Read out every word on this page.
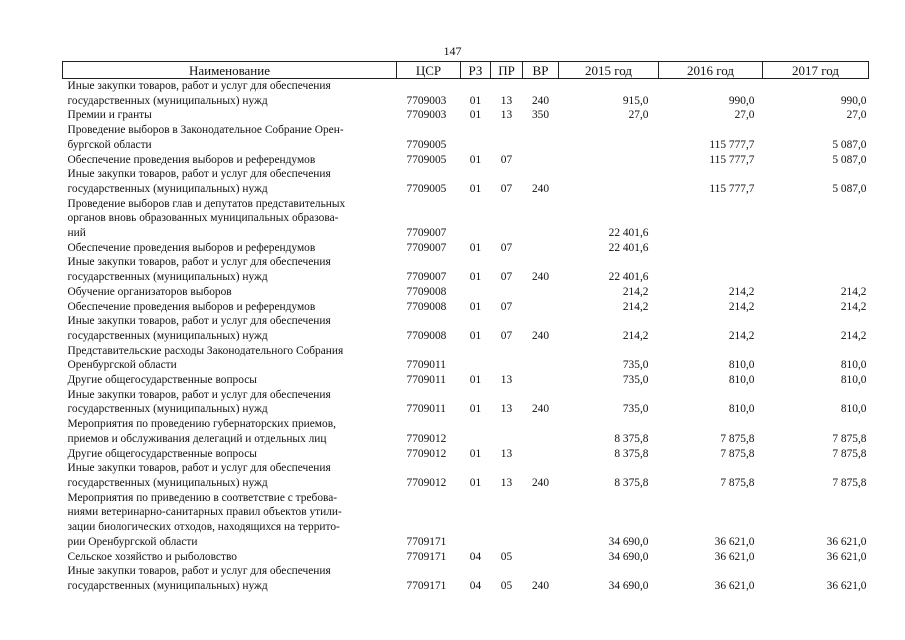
147
Наименование	ЦСР	РЗ	ПР	ВР	2015 год	2016 год	2017 год

Иные закупки товаров, работ и услуг для обеспечения
государственных (муниципальных) нужд	7709003	01	13	240	915,0	990,0	990,0

Премии и гранты	7709003	01	13	350	27,0	27,0	27,0

Проведение выборов в Законодательное Собрание Орен-
бургской области	7709005					115 777,7	5 087,0

Обеспечение проведения выборов и референдумов	7709005	01	07			115 777,7	5 087,0

Иные закупки товаров, работ и услуг для обеспечения
государственных (муниципальных) нужд	7709005	01	07	240		115 777,7	5 087,0

Проведение выборов глав и депутатов представительных
органов вновь образованных муниципальных образова-
ний	7709007				22 401,6		

Обеспечение проведения выборов и референдумов	7709007	01	07		22 401,6		

Иные закупки товаров, работ и услуг для обеспечения
государственных (муниципальных) нужд	7709007	01	07	240	22 401,6		

Обучение организаторов выборов	7709008				214,2	214,2	214,2

Обеспечение проведения выборов и референдумов	7709008	01	07		214,2	214,2	214,2

Иные закупки товаров, работ и услуг для обеспечения
государственных (муниципальных) нужд	7709008	01	07	240	214,2	214,2	214,2

Представительские расходы Законодательного Собрания
Оренбургской области	7709011				735,0	810,0	810,0

Другие общегосударственные вопросы	7709011	01	13		735,0	810,0	810,0

Иные закупки товаров, работ и услуг для обеспечения
государственных (муниципальных) нужд	7709011	01	13	240	735,0	810,0	810,0

Мероприятия по проведению губернаторских приемов,
приемов и обслуживания делегаций и отдельных лиц	7709012				8 375,8	7 875,8	7 875,8

Другие общегосударственные вопросы	7709012	01	13		8 375,8	7 875,8	7 875,8

Иные закупки товаров, работ и услуг для обеспечения
государственных (муниципальных) нужд	7709012	01	13	240	8 375,8	7 875,8	7 875,8

Мероприятия по приведению в соответствие с требова-
ниями ветеринарно-санитарных правил объектов утили-
зации биологических отходов, находящихся на террито-
рии Оренбургской области	7709171				34 690,0	36 621,0	36 621,0

Сельское хозяйство и рыболовство	7709171	04	05		34 690,0	36 621,0	36 621,0

Иные закупки товаров, работ и услуг для обеспечения
государственных (муниципальных) нужд	7709171	04	05	240	34 690,0	36 621,0	36 621,0
